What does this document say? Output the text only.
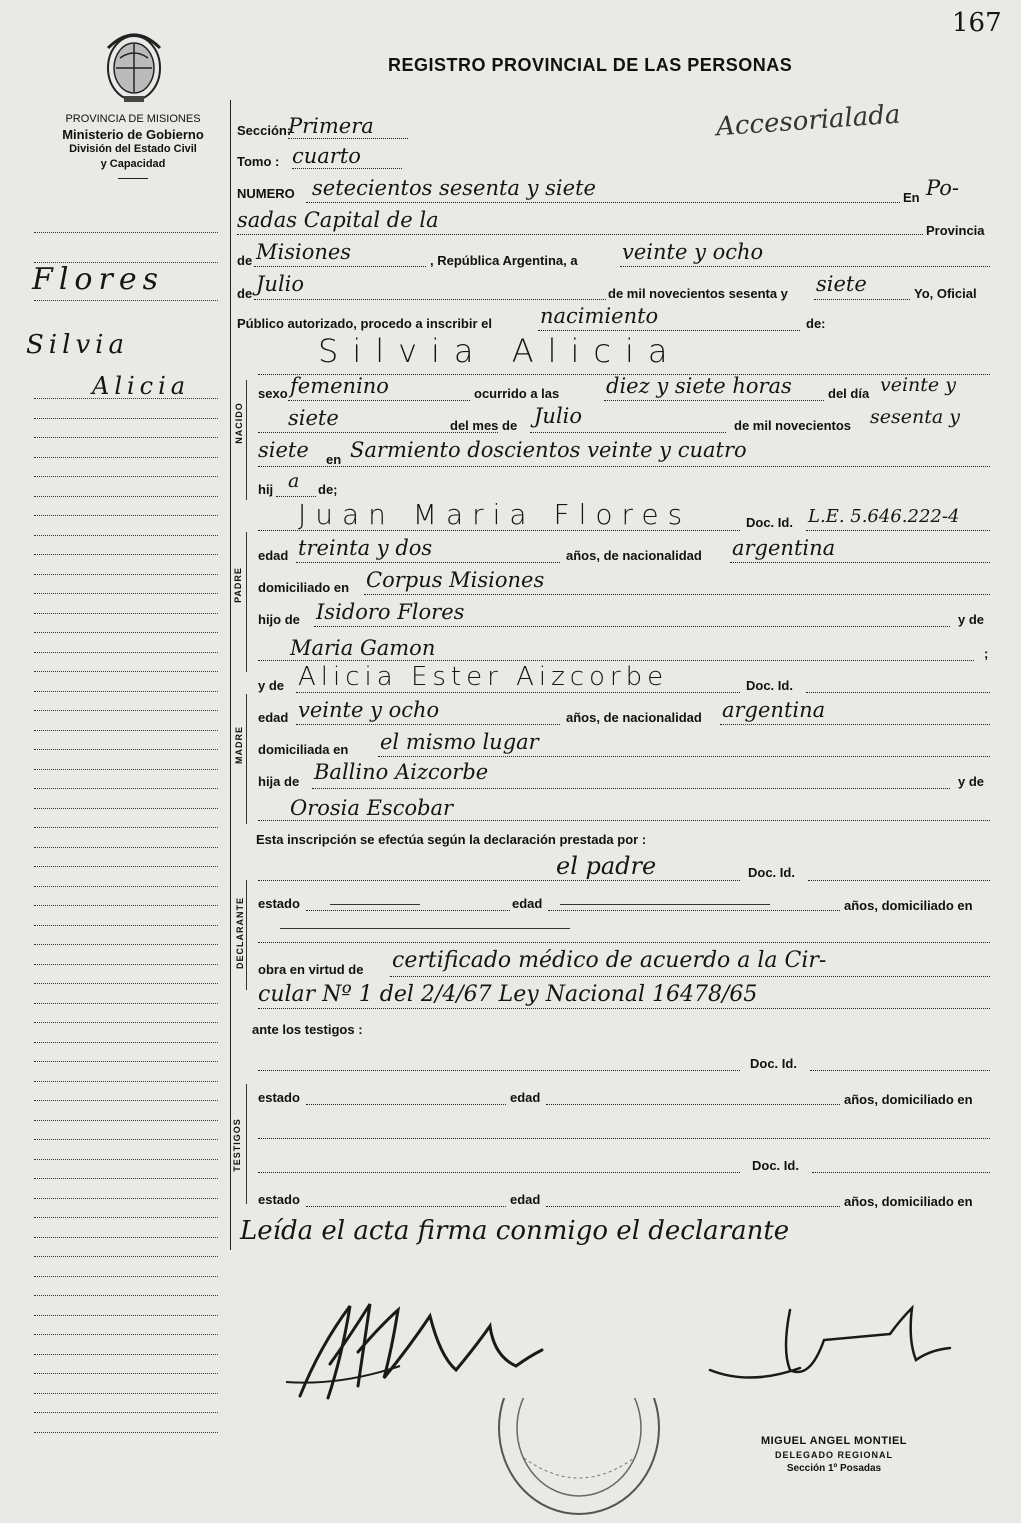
167
REGISTRO PROVINCIAL DE LAS PERSONAS
Accesorialada
PROVINCIA DE MISIONES
Ministerio de Gobierno
División del Estado Civil
y Capacidad
Flores
Silvia
Alicia
NACIDO
PADRE
MADRE
DECLARANTE
TESTIGOS
Sección:
Primera
Tomo : cuarto
NUMERO setecientos sesenta y siete	En Po-
sadas Capital de la	Provincia
de Misiones	, República Argentina, a veinte y ocho
de Julio	de mil novecientos sesenta y siete	Yo, Oficial
Público autorizado, procedo a inscribir el nacimiento	de:
Silvia Alicia
sexo femenino	ocurrido a las diez y siete horas	del día veinte y
siete	del mes de Julio	de mil novecientos sesenta y
siete en Sarmiento doscientos veinte y cuatro
hij a de;
Juan Maria Flores	Doc. Id. L.E. 5.646.222-4
edad treinta y dos	años, de nacionalidad argentina
domiciliado en Corpus Misiones
hijo de Isidoro Flores	y de
Maria Gamon	;
y de Alicia Ester Aizcorbe	Doc. Id.
edad veinte y ocho	años, de nacionalidad argentina
domiciliada en el mismo lugar
hija de Ballino Aizcorbe	y de
Orosia Escobar
Esta inscripción se efectúa según la declaración prestada por :
el padre	Doc. Id.
estado	edad	años, domiciliado en
obra en virtud de certificado médico de acuerdo a la Cir-
cular Nº 1 del 2/4/67 Ley Nacional 16478/65
ante los testigos :
Doc. Id.
estado	edad	años, domiciliado en
Doc. Id.
estado	edad	años, domiciliado en
Leída el acta firma conmigo el declarante
MIGUEL ANGEL MONTIEL
DELEGADO REGIONAL
Sección 1º Posadas
